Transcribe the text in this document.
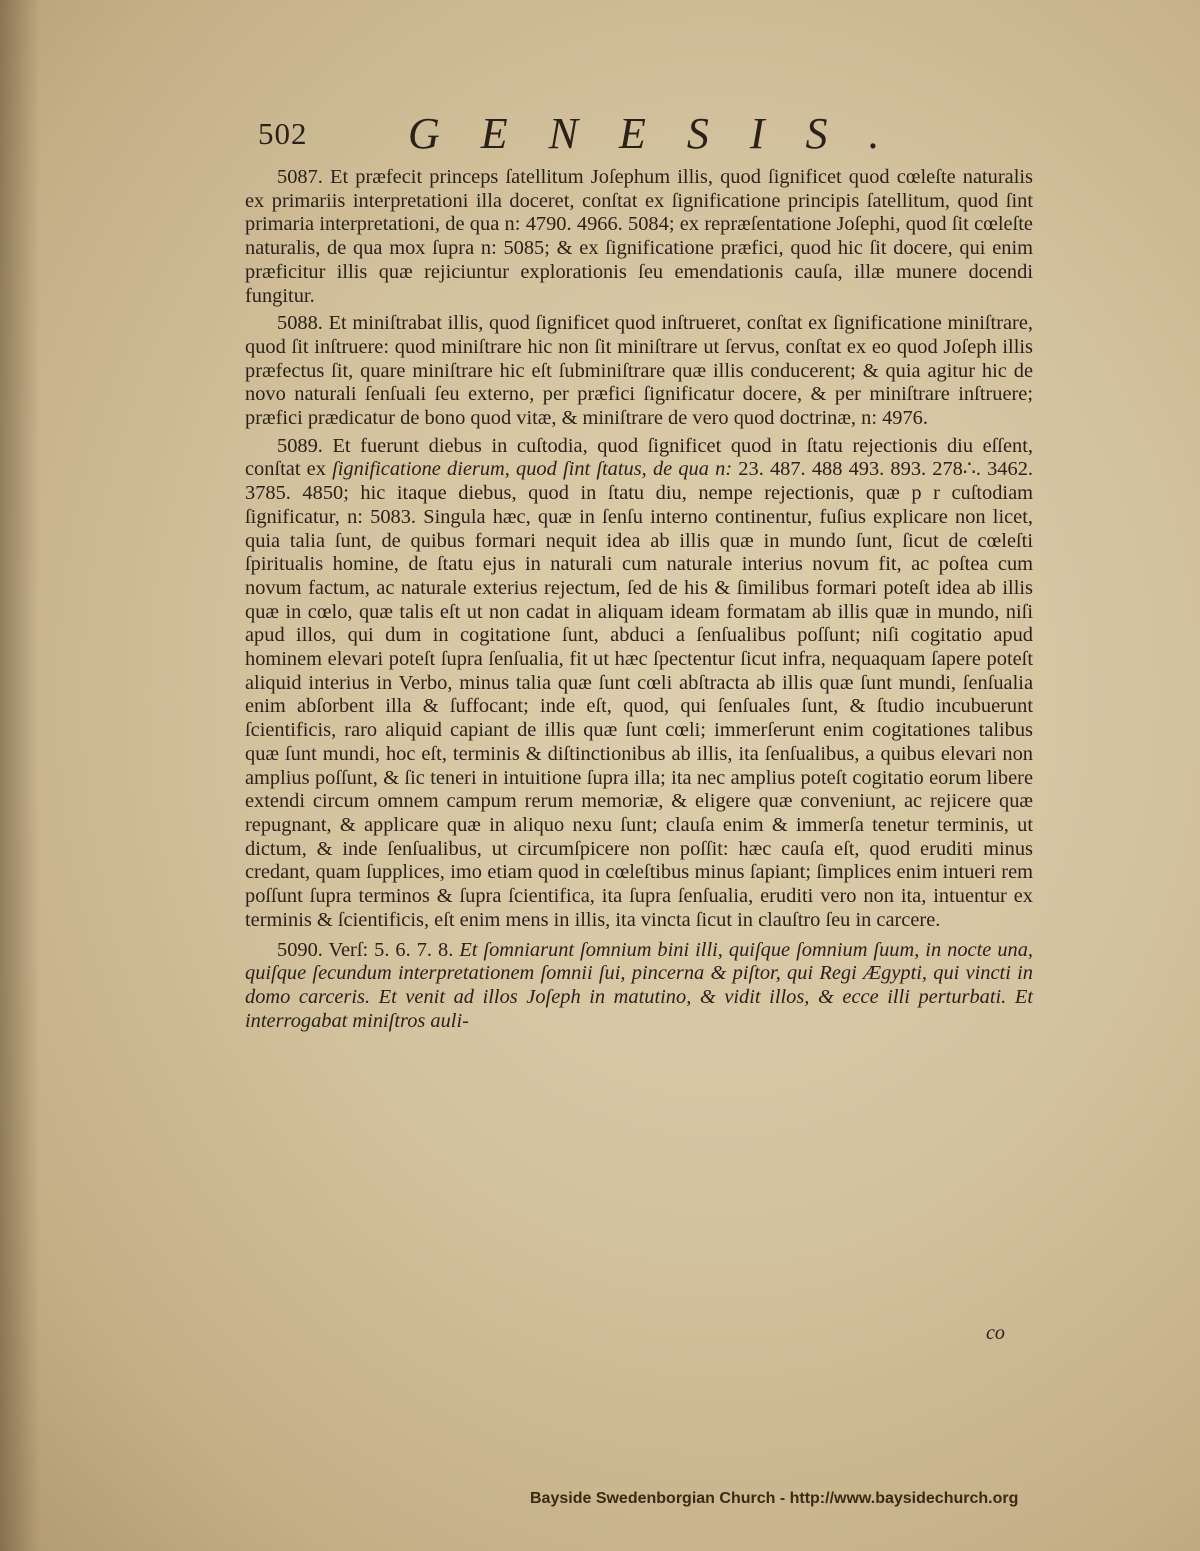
502 GENESIS.

5087. Et præfecit princeps ſatellitum Joſephum illis, quod ſignificet quod cœleſte naturalis ex primariis interpretationi illa doceret, conſtat ex ſignificatione principis ſatellitum, quod ſint primaria interpretationi, de qua n: 4790. 4966. 5084; ex repræſentatione Joſephi, quod ſit cœleſte naturalis, de qua mox ſupra n: 5085; & ex ſignificatione præfici, quod hic ſit docere, qui enim præficitur illis quæ rejiciuntur explorationis ſeu emendationis cauſa, illæ munere docendi fungitur.

5088. Et miniſtrabat illis, quod ſignificet quod inſtrueret, conſtat ex ſignificatione miniſtrare, quod ſit inſtruere: quod miniſtrare hic non ſit miniſtrare ut ſervus, conſtat ex eo quod Joſeph illis præfectus ſit, quare miniſtrare hic eſt ſubminiſtrare quæ illis conducerent; & quia agitur hic de novo naturali ſenſuali ſeu externo, per præfici ſignificatur docere, & per miniſtrare inſtruere; præfici prædicatur de bono quod vitæ, & miniſtrare de vero quod doctrinæ, n: 4976.

5089. Et fuerunt diebus in cuſtodia, quod ſignificet quod in ſtatu rejectionis diu eſſent, conſtat ex ſignificatione dierum, quod ſint ſtatus, de qua n: 23. 487. 488 493. 893. 278∴. 3462. 3785. 4850; hic itaque diebus, quod in ſtatu diu, nempe rejectionis, quæ p r cuſtodiam ſignificatur, n: 5083. Singula hæc, quæ in ſenſu interno continentur, fuſius explicare non licet, quia talia ſunt, de quibus formari nequit idea ab illis quæ in mundo ſunt, ſicut de cœleſti ſpiritualis homine, de ſtatu ejus in naturali cum naturale interius novum fit, ac poſtea cum novum factum, ac naturale exterius rejectum, ſed de his & ſimilibus formari poteſt idea ab illis quæ in cœlo, quæ talis eſt ut non cadat in aliquam ideam formatam ab illis quæ in mundo, niſi apud illos, qui dum in cogitatione ſunt, abduci a ſenſualibus poſſunt; niſi cogitatio apud hominem elevari poteſt ſupra ſenſualia, fit ut hæc ſpectentur ſicut infra, nequaquam ſapere poteſt aliquid interius in Verbo, minus talia quæ ſunt cœli abſtracta ab illis quæ ſunt mundi, ſenſualia enim abſorbent illa & ſuffocant; inde eſt, quod, qui ſenſuales ſunt, & ſtudio incubuerunt ſcientificis, raro aliquid capiant de illis quæ ſunt cœli; immerſerunt enim cogitationes talibus quæ ſunt mundi, hoc eſt, terminis & diſtinctionibus ab illis, ita ſenſualibus, a quibus elevari non amplius poſſunt, & ſic teneri in intuitione ſupra illa; ita nec amplius poteſt cogitatio eorum libere extendi circum omnem campum rerum memoriæ, & eligere quæ conveniunt, ac rejicere quæ repugnant, & applicare quæ in aliquo nexu ſunt; clauſa enim & immerſa tenetur terminis, ut dictum, & inde ſenſualibus, ut circumſpicere non poſſit: hæc cauſa eſt, quod eruditi minus credant, quam ſupplices, imo etiam quod in cœleſtibus minus ſapiant; ſimplices enim intueri rem poſſunt ſupra terminos & ſupra ſcientifica, ita ſupra ſenſualia, eruditi vero non ita, intuentur ex terminis & ſcientificis, eſt enim mens in illis, ita vincta ſicut in clauſtro ſeu in carcere.

5090. Verſ: 5. 6. 7. 8. Et ſomniarunt ſomnium bini illi, quiſque ſomnium ſuum, in nocte una, quiſque ſecundum interpretationem ſomnii ſui, pincerna & piſtor, qui Regi Ægypti, qui vincti in domo carceris. Et venit ad illos Joſeph in matutino, & vidit illos, & ecce illi perturbati. Et interrogabat miniſtros auli-

co
Bayside Swedenborgian Church - http://www.baysidechurch.org
